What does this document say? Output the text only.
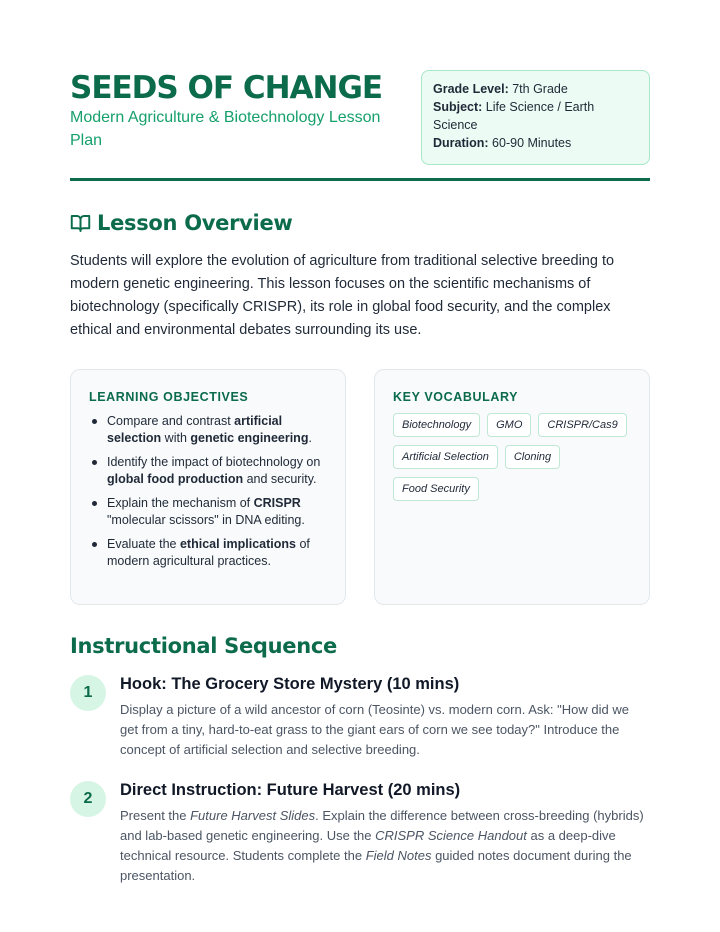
SEEDS OF CHANGE
Modern Agriculture & Biotechnology Lesson Plan
Grade Level: 7th Grade
Subject: Life Science / Earth Science
Duration: 60-90 Minutes
Lesson Overview

Students will explore the evolution of agriculture from traditional selective breeding to modern genetic engineering. This lesson focuses on the scientific mechanisms of biotechnology (specifically CRISPR), its role in global food security, and the complex ethical and environmental debates surrounding its use.

LEARNING OBJECTIVES
Compare and contrast artificial selection with genetic engineering.
Identify the impact of biotechnology on global food production and security.
Explain the mechanism of CRISPR "molecular scissors" in DNA editing.
Evaluate the ethical implications of modern agricultural practices.
KEY VOCABULARY
Biotechnology	GMO	CRISPR/Cas9
Artificial Selection	Cloning
Food Security
Instructional Sequence
1	Hook: The Grocery Store Mystery (10 mins)

Display a picture of a wild ancestor of corn (Teosinte) vs. modern corn. Ask: "How did we get from a tiny, hard-to-eat grass to the giant ears of corn we see today?" Introduce the concept of artificial selection and selective breeding.

2	Direct Instruction: Future Harvest (20 mins)

Present the Future Harvest Slides. Explain the difference between cross-breeding (hybrids) and lab-based genetic engineering. Use the CRISPR Science Handout as a deep-dive technical resource. Students complete the Field Notes guided notes document during the presentation.
